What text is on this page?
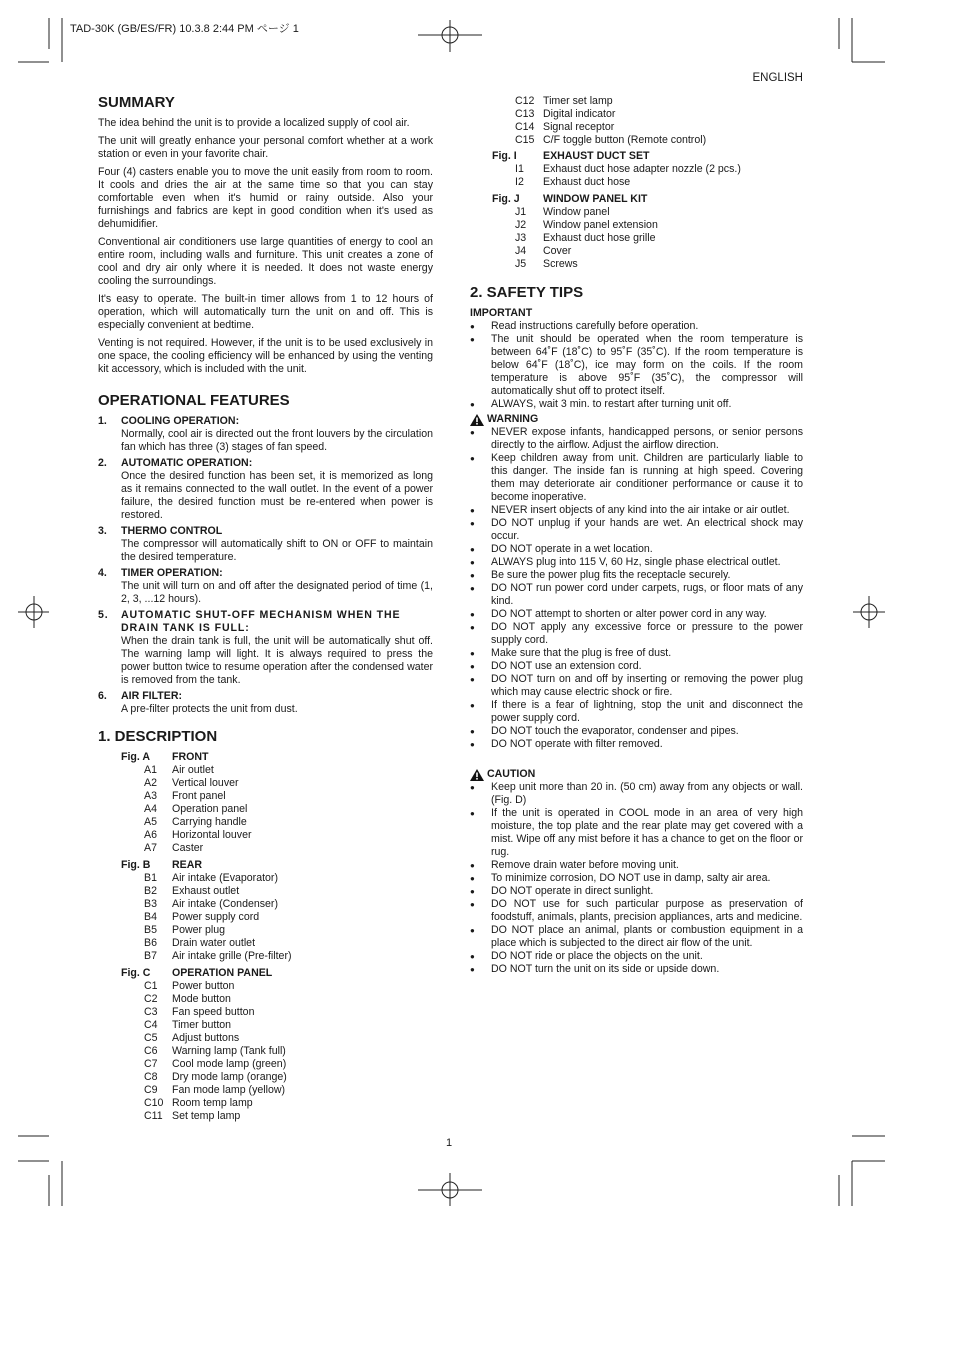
TAD-30K (GB/ES/FR) 10.3.8 2:44 PM ページ 1
ENGLISH
SUMMARY

The idea behind the unit is to provide a localized supply of cool air.

The unit will greatly enhance your personal comfort whether at a work station or even in your favorite chair.

Four (4) casters enable you to move the unit easily from room to room. It cools and dries the air at the same time so that you can stay comfortable even when it's humid or rainy outside. Also your furnishings and fabrics are kept in good condition when it's used as dehumidifier.

Conventional air conditioners use large quantities of energy to cool an entire room, including walls and furniture. This unit creates a zone of cool and dry air only where it is needed. It does not waste energy cooling the surroundings.

It's easy to operate. The built-in timer allows from 1 to 12 hours of operation, which will automatically turn the unit on and off. This is especially convenient at bedtime.

Venting is not required. However, if the unit is to be used exclusively in one space, the cooling efficiency will be enhanced by using the venting kit accessory, which is included with the unit.

OPERATIONAL FEATURES
1.	COOLING OPERATION:
Normally, cool air is directed out the front louvers by the circulation fan which has three (3) stages of fan speed.
2.	AUTOMATIC OPERATION:
Once the desired function has been set, it is memorized as long as it remains connected to the wall outlet. In the event of a power failure, the desired function must be re-entered when power is restored.
3.	THERMO CONTROL
The compressor will automatically shift to ON or OFF to maintain the desired temperature.
4.	TIMER OPERATION:
The unit will turn on and off after the designated period of time (1, 2, 3, ...12 hours).
5.	AUTOMATIC SHUT-OFF MECHANISM WHEN THE DRAIN TANK IS FULL:
When the drain tank is full, the unit will be automatically shut off. The warning lamp will light. It is always required to press the power button twice to resume operation after the condensed water is removed from the tank.
6.	AIR FILTER:
A pre-filter protects the unit from dust.
1. DESCRIPTION
Fig. A	FRONT
A1	Air outlet
A2	Vertical louver
A3	Front panel
A4	Operation panel
A5	Carrying handle
A6	Horizontal louver
A7	Caster
Fig. B	REAR
B1	Air intake (Evaporator)
B2	Exhaust outlet
B3	Air intake (Condenser)
B4	Power supply cord
B5	Power plug
B6	Drain water outlet
B7	Air intake grille (Pre-filter)
Fig. C	OPERATION PANEL
C1	Power button
C2	Mode button
C3	Fan speed button
C4	Timer button
C5	Adjust buttons
C6	Warning lamp (Tank full)
C7	Cool mode lamp (green)
C8	Dry mode lamp (orange)
C9	Fan mode lamp (yellow)
C10 Room temp lamp
C11 Set temp lamp
C12 Timer set lamp
C13 Digital indicator
C14 Signal receptor
C15 C/F toggle button (Remote control)
Fig. I	EXHAUST DUCT SET
I1	Exhaust duct hose adapter nozzle (2 pcs.)
I2	Exhaust duct hose
Fig. J	WINDOW PANEL KIT
J1	Window panel
J2	Window panel extension
J3	Exhaust duct hose grille
J4	Cover
J5	Screws
2. SAFETY TIPS
IMPORTANT
●	Read instructions carefully before operation.
●	The unit should be operated when the room temperature is between 64˚F (18˚C) to 95˚F (35˚C). If the room temperature is below 64˚F (18˚C), ice may form on the coils. If the room temperature is above 95˚F (35˚C), the compressor will automatically shut off to protect itself.
●	ALWAYS, wait 3 min. to restart after turning unit off.
WARNING
●	NEVER expose infants, handicapped persons, or senior persons directly to the airflow. Adjust the airflow direction.
●	Keep children away from unit. Children are particularly liable to this danger. The inside fan is running at high speed. Covering them may deteriorate air conditioner performance or cause it to become inoperative.
●	NEVER insert objects of any kind into the air intake or air outlet.
●	DO NOT unplug if your hands are wet. An electrical shock may occur.
●	DO NOT operate in a wet location.
●	ALWAYS plug into 115 V, 60 Hz, single phase electrical outlet.
●	Be sure the power plug fits the receptacle securely.
●	DO NOT run power cord under carpets, rugs, or floor mats of any kind.
●	DO NOT attempt to shorten or alter power cord in any way.
●	DO NOT apply any excessive force or pressure to the power supply cord.
●	Make sure that the plug is free of dust.
●	DO NOT use an extension cord.
●	DO NOT turn on and off by inserting or removing the power plug which may cause electric shock or fire.
●	If there is a fear of lightning, stop the unit and disconnect the power supply cord.
●	DO NOT touch the evaporator, condenser and pipes.
●	DO NOT operate with filter removed.
CAUTION
●	Keep unit more than 20 in. (50 cm) away from any objects or wall. (Fig. D)
●	If the unit is operated in COOL mode in an area of very high moisture, the top plate and the rear plate may get covered with a mist. Wipe off any mist before it has a chance to get on the floor or rug.
●	Remove drain water before moving unit.
●	To minimize corrosion, DO NOT use in damp, salty air area.
●	DO NOT operate in direct sunlight.
●	DO NOT use for such particular purpose as preservation of foodstuff, animals, plants, precision appliances, arts and medicine.
●	DO NOT place an animal, plants or combustion equipment in a place which is subjected to the direct air flow of the unit.
●	DO NOT ride or place the objects on the unit.
●	DO NOT turn the unit on its side or upside down.
1
